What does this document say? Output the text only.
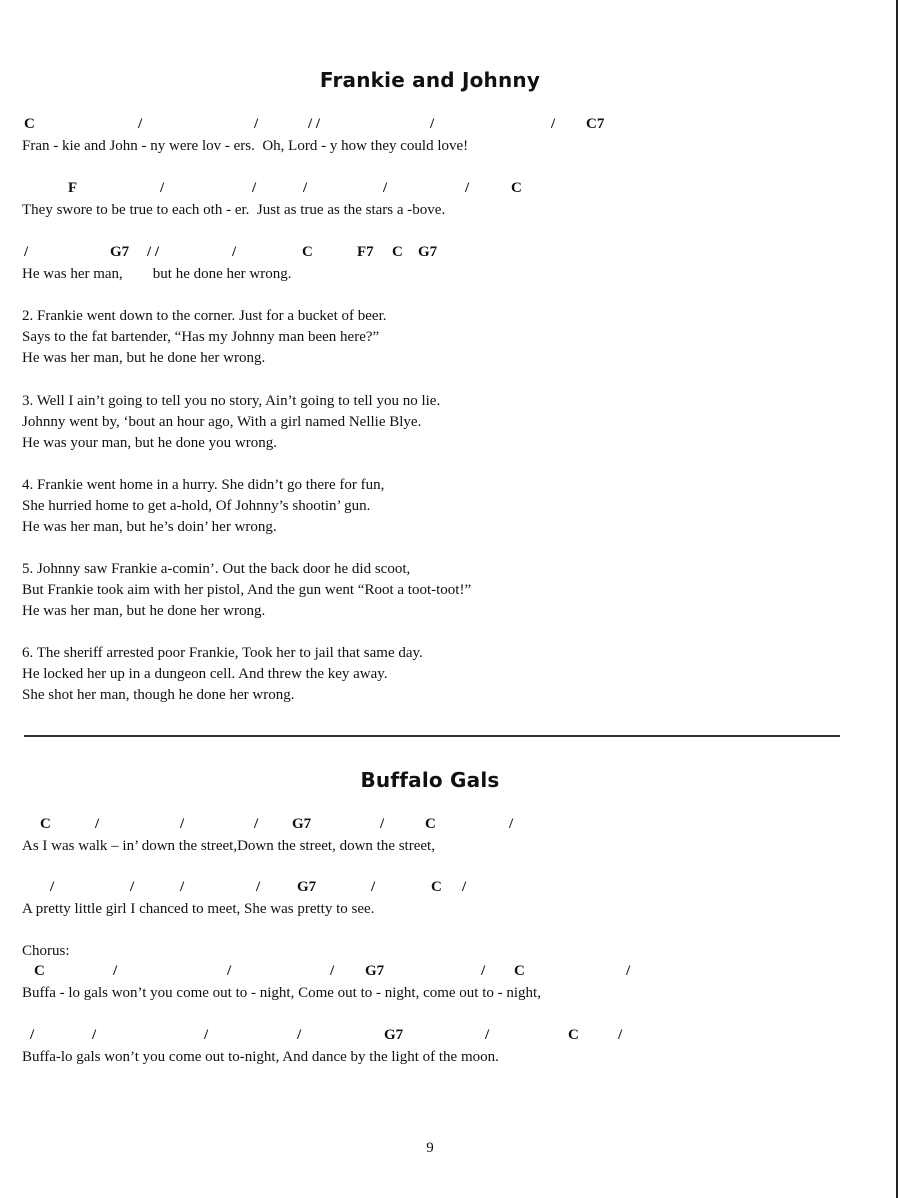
Frankie and Johnny
C	/	/	/ /	/	/ C7
Fran - kie and John - ny were lov - ers.  Oh, Lord - y how they could love!
F	/	/	/	/	/	C
They swore to be true to each oth - er.  Just as true as the stars a -bove.
/	G7 / /	/	C	F7 C G7
He was her man,        but he done her wrong.
2. Frankie went down to the corner. Just for a bucket of beer.
Says to the fat bartender, “Has my Johnny man been here?”
He was her man, but he done her wrong.
3. Well I ain’t going to tell you no story, Ain’t going to tell you no lie.
Johnny went by, ‘bout an hour ago, With a girl named Nellie Blye.
He was your man, but he done you wrong.
4. Frankie went home in a hurry. She didn’t go there for fun,
She hurried home to get a-hold, Of Johnny’s shootin’ gun.
He was her man, but he’s doin’ her wrong.
5. Johnny saw Frankie a-comin’. Out the back door he did scoot,
But Frankie took aim with her pistol, And the gun went “Root a toot-toot!”
He was her man, but he done her wrong.
6. The sheriff arrested poor Frankie, Took her to jail that same day.
He locked her up in a dungeon cell. And threw the key away.
She shot her man, though he done her wrong.
Buffalo Gals
C	/	/	/ G7	/	C	/
As I was walk – in’ down the street,Down the street, down the street,
/	/	/	/ G7	/	C /
A pretty little girl I chanced to meet, She was pretty to see.
Chorus:
C	/	/	/ G7	/ C	/
Buffa - lo gals won’t you come out to - night, Come out to - night, come out to - night,
/	/	/	/	G7	/	C	/
Buffa-lo gals won’t you come out to-night, And dance by the light of the moon.
9
